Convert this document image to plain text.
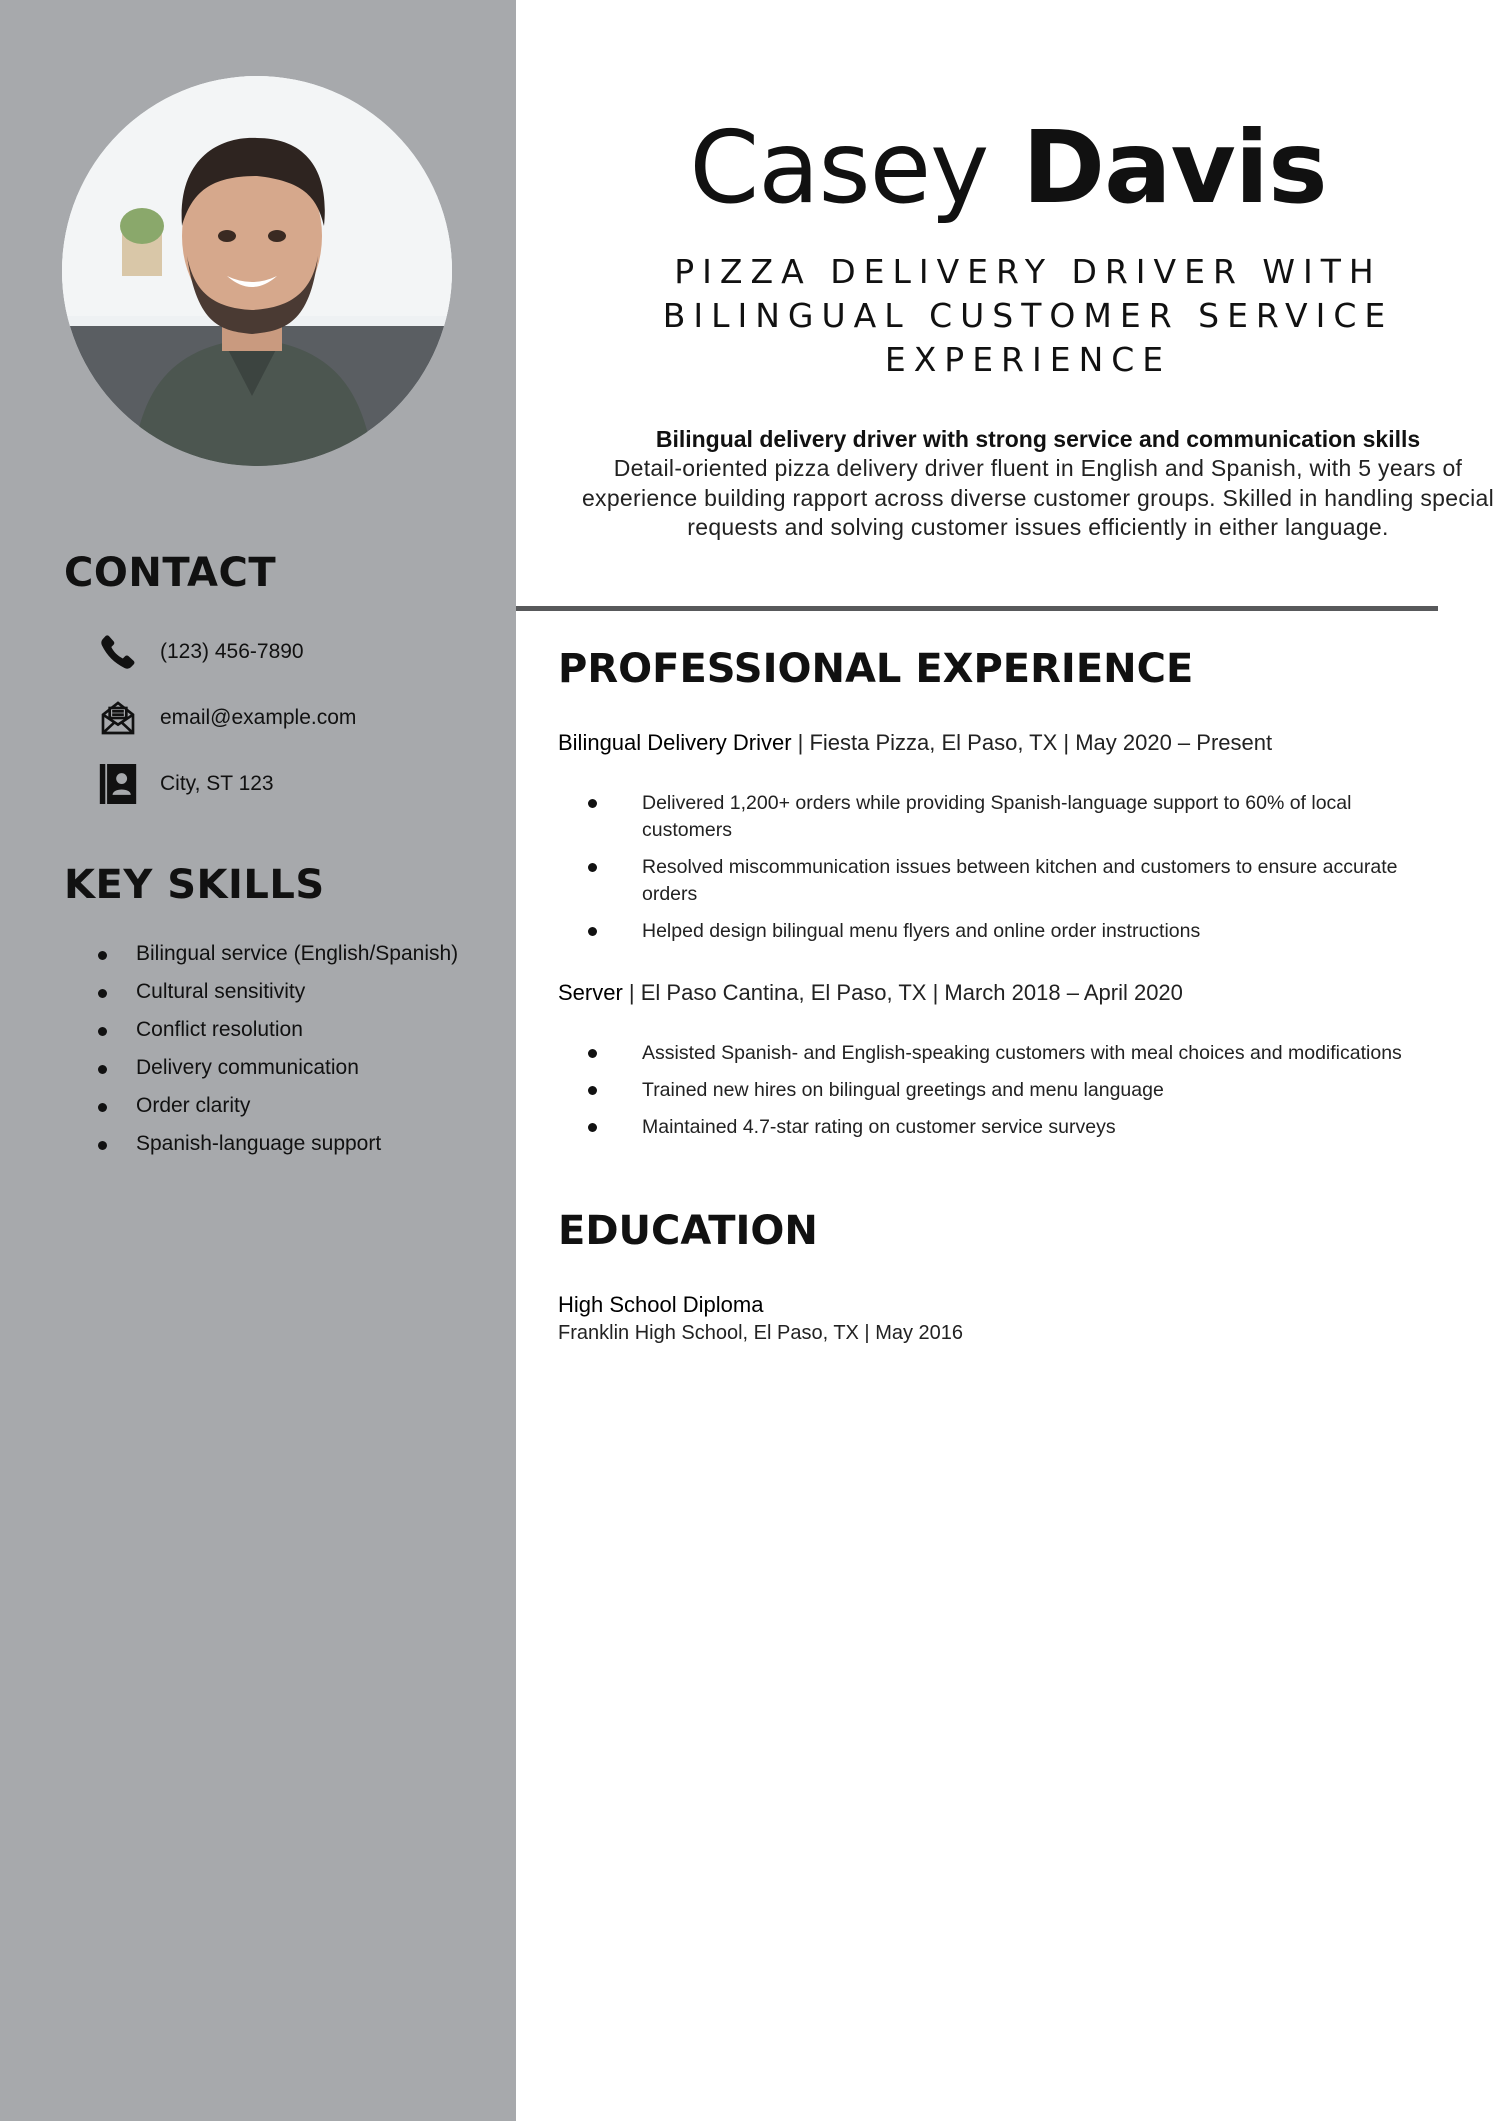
CONTACT
(123) 456-7890
email@example.com
City, ST 123
KEY SKILLS
Bilingual service (English/Spanish)
Cultural sensitivity
Conflict resolution
Delivery communication
Order clarity
Spanish-language support
Casey Davis
PIZZA DELIVERY DRIVER WITH BILINGUAL CUSTOMER SERVICE EXPERIENCE
Bilingual delivery driver with strong service and communication skills
Detail-oriented pizza delivery driver fluent in English and Spanish, with 5 years of experience building rapport across diverse customer groups. Skilled in handling special requests and solving customer issues efficiently in either language.
PROFESSIONAL EXPERIENCE
Bilingual Delivery Driver | Fiesta Pizza, El Paso, TX | May 2020 – Present
Delivered 1,200+ orders while providing Spanish-language support to 60% of local customers
Resolved miscommunication issues between kitchen and customers to ensure accurate orders
Helped design bilingual menu flyers and online order instructions
Server | El Paso Cantina, El Paso, TX | March 2018 – April 2020
Assisted Spanish- and English-speaking customers with meal choices and modifications
Trained new hires on bilingual greetings and menu language
Maintained 4.7-star rating on customer service surveys
EDUCATION
High School Diploma
Franklin High School, El Paso, TX | May 2016
